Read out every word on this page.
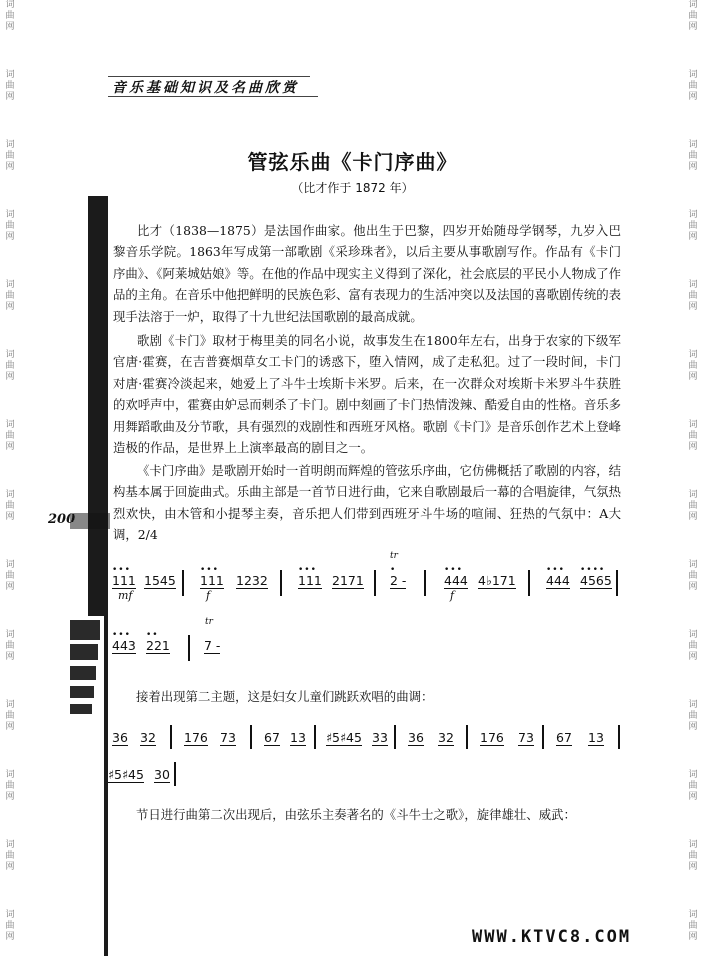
词
曲
网
词
曲
网
词
曲
网
词
曲
网
词
曲
网
词
曲
网
词
曲
网
词
曲
网
词
曲
网
词
曲
网
词
曲
网
词
曲
网
词
曲
网
词
曲
网
词
曲
网
词
曲
网
词
曲
网
词
曲
网
词
曲
网
词
曲
网
词
曲
网
词
曲
网
词
曲
网
词
曲
网
词
曲
网
词
曲
网
词
曲
网
词
曲
网
音乐基础知识及名曲欣赏
200
管弦乐曲《卡门序曲》
（比才作于 1872 年）
比才（1838—1875）是法国作曲家。他出生于巴黎，四岁开始随母学钢琴，九岁入巴黎音乐学院。1863年写成第一部歌剧《采珍珠者》，以后主要从事歌剧写作。作品有《卡门序曲》、《阿莱城姑娘》等。在他的作品中现实主义得到了深化，社会底层的平民小人物成了作品的主角。在音乐中他把鲜明的民族色彩、富有表现力的生活冲突以及法国的喜歌剧传统的表现手法溶于一炉，取得了十九世纪法国歌剧的最高成就。
歌剧《卡门》取材于梅里美的同名小说，故事发生在1800年左右，出身于农家的下级军官唐·霍赛，在吉普赛烟草女工卡门的诱惑下，堕入情网，成了走私犯。过了一段时间，卡门对唐·霍赛冷淡起来，她爱上了斗牛士埃斯卡米罗。后来，在一次群众对埃斯卡米罗斗牛获胜的欢呼声中，霍赛由妒忌而刺杀了卡门。剧中刻画了卡门热情泼辣、酷爱自由的性格。音乐多用舞蹈歌曲及分节歌，具有强烈的戏剧性和西班牙风格。歌剧《卡门》是音乐创作艺术上登峰造极的作品，是世界上上演率最高的剧目之一。
《卡门序曲》是歌剧开始时一首明朗而辉煌的管弦乐序曲，它仿佛概括了歌剧的内容，结构基本属于回旋曲式。乐曲主部是一首节日进行曲，它来自歌剧最后一幕的合唱旋律，气氛热烈欢快，由木管和小提琴主奏，音乐把人们带到西班牙斗牛场的喧闹、狂热的气氛中：A大调，2/4
•••
111
mf
1545
•••
111
f
1232
•••
111 2171
•
2 -
•••
444
f
4♭171
•••
444
••••
4565
•••
443
••
221	7 -
tr
tr
接着出现第二主题，这是妇女儿童们跳跃欢唱的曲调：
36 32 176 73 67 13 ♯5♯45 33 36 32 176 73 67 13
♯5♯45 30
节日进行曲第二次出现后，由弦乐主奏著名的《斗牛士之歌》，旋律雄壮、威武：
WWW.KTVC8.COM
